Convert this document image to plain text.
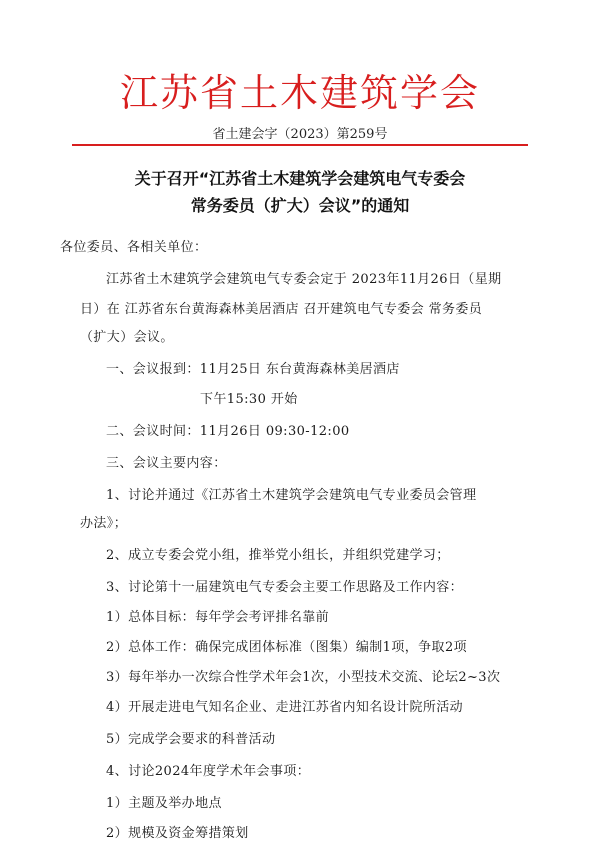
江苏省土木建筑学会
省土建会字（2023）第259号
关于召开“江苏省土木建筑学会建筑电气专委会
常务委员（扩大）会议”的通知
各位委员、各相关单位：
江苏省土木建筑学会建筑电气专委会定于 2023年11月26日（星期
日）在 江苏省东台黄海森林美居酒店 召开建筑电气专委会 常务委员
（扩大）会议。
一、会议报到：11月25日 东台黄海森林美居酒店
下午15:30 开始
二、会议时间：11月26日 09:30-12:00
三、会议主要内容：
1、讨论并通过《江苏省土木建筑学会建筑电气专业委员会管理
办法》；
2、成立专委会党小组，推举党小组长，并组织党建学习；
3、讨论第十一届建筑电气专委会主要工作思路及工作内容：
1）总体目标：每年学会考评排名靠前
2）总体工作：确保完成团体标准（图集）编制1项，争取2项
3）每年举办一次综合性学术年会1次，小型技术交流、论坛2~3次
4）开展走进电气知名企业、走进江苏省内知名设计院所活动
5）完成学会要求的科普活动
4、讨论2024年度学术年会事项：
1）主题及举办地点
2）规模及资金筹措策划
